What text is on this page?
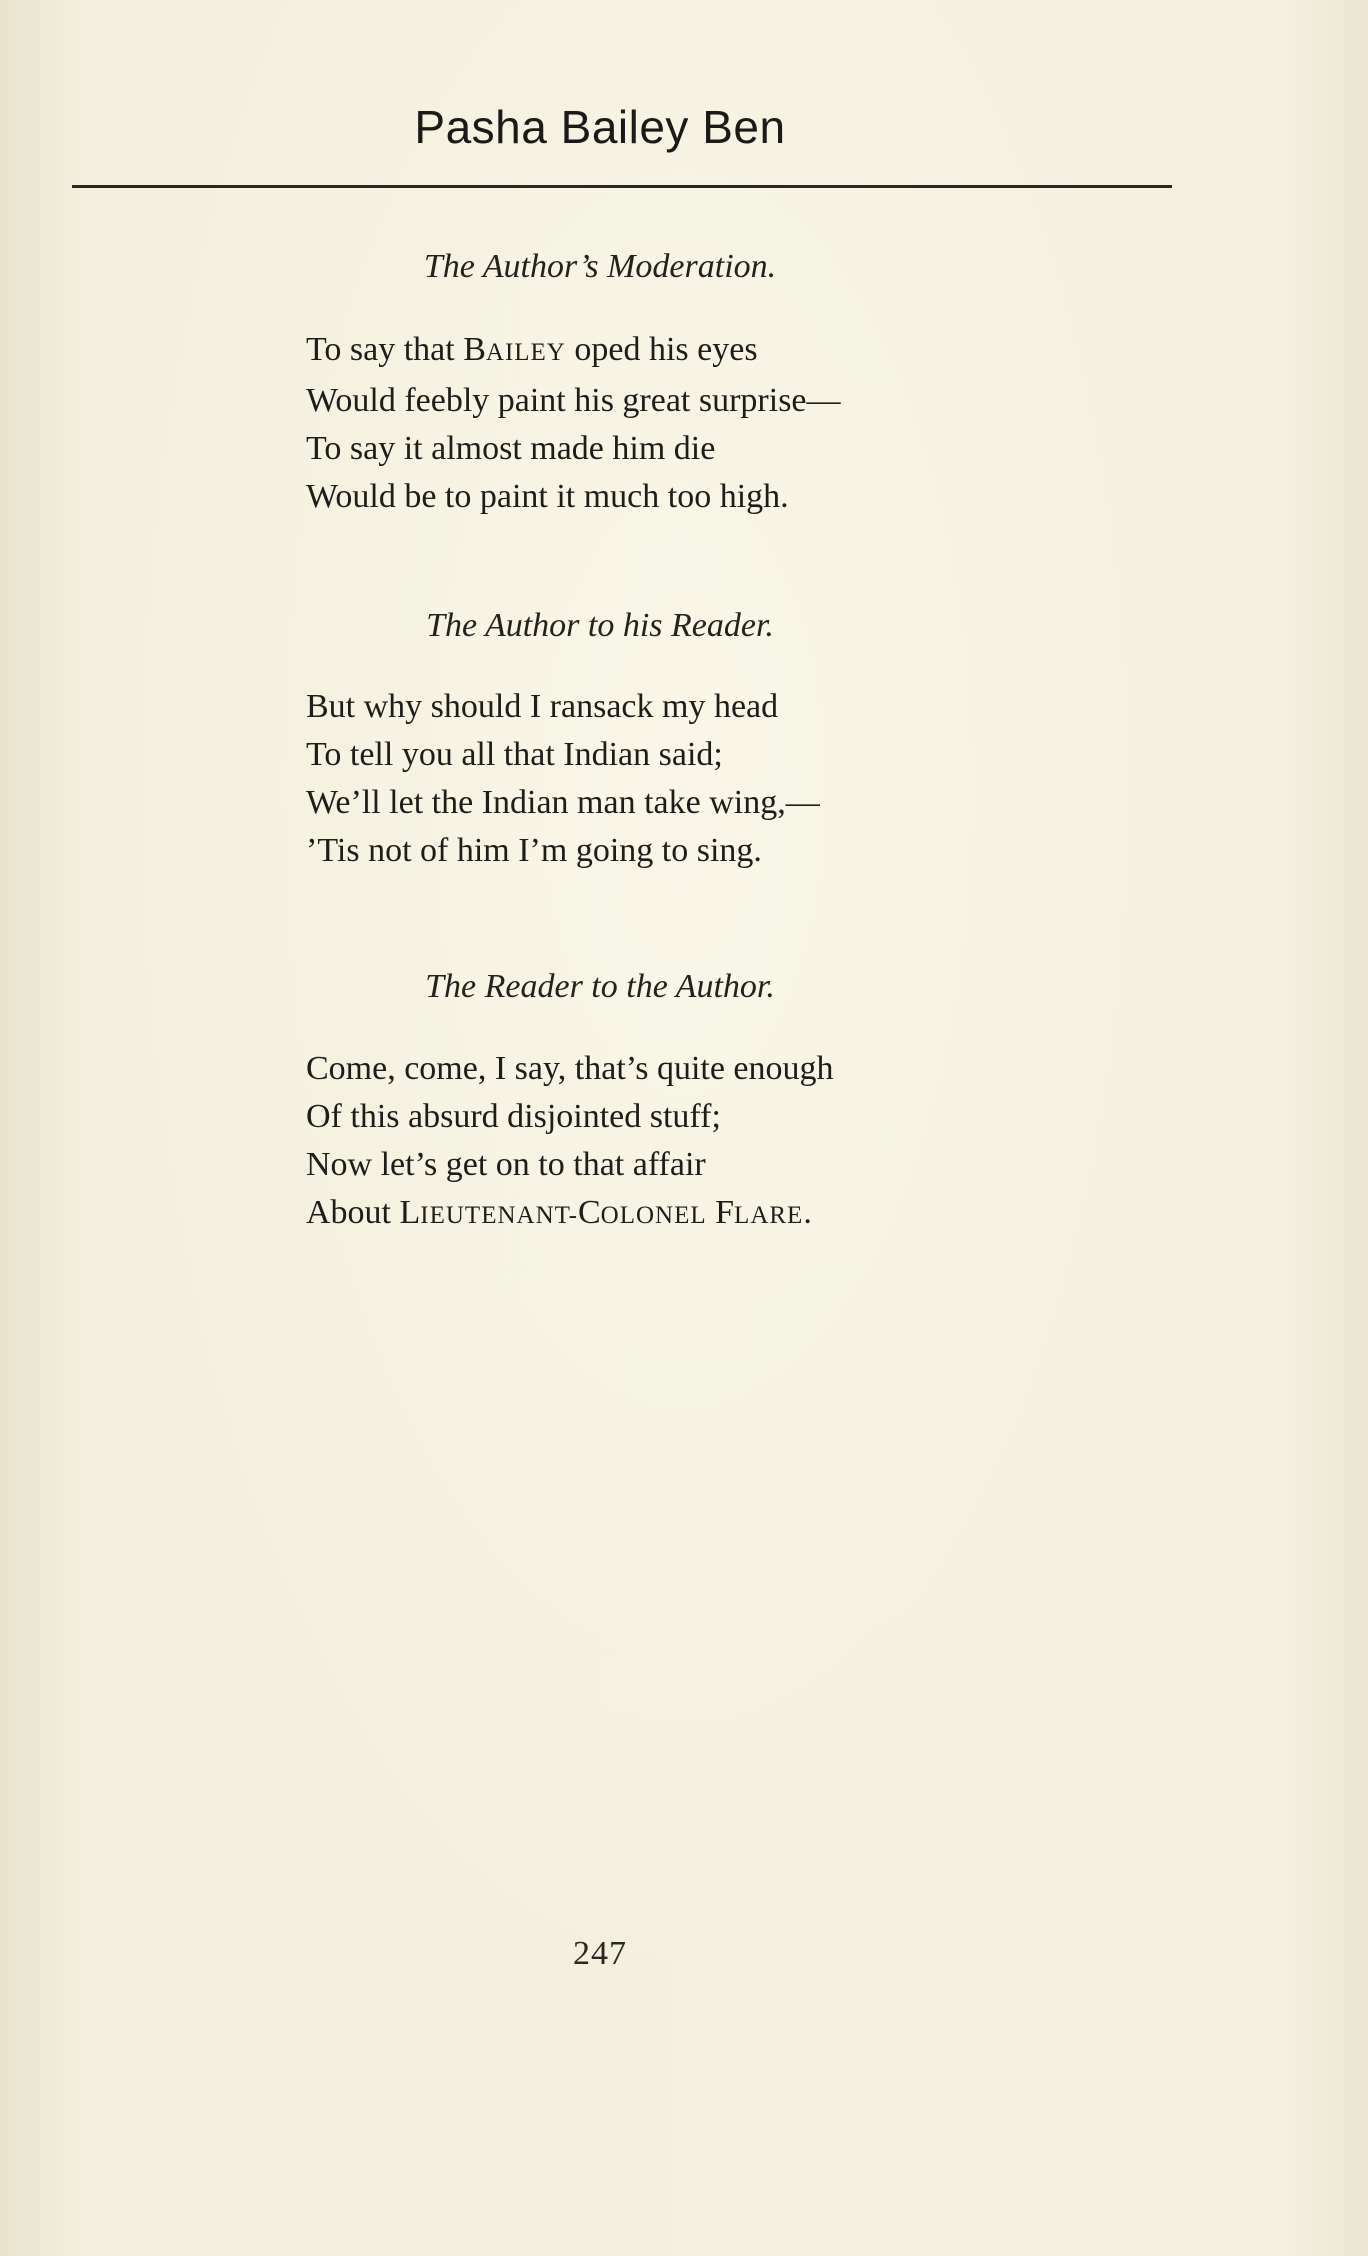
Pasha Bailey Ben
The Author’s Moderation.
To say that BAILEY oped his eyes
Would feebly paint his great surprise—
To say it almost made him die
Would be to paint it much too high.
The Author to his Reader.
But why should I ransack my head
To tell you all that Indian said;
We’ll let the Indian man take wing,—
’Tis not of him I’m going to sing.
The Reader to the Author.
Come, come, I say, that’s quite enough
Of this absurd disjointed stuff;
Now let’s get on to that affair
About LIEUTENANT-COLONEL FLARE.
247
